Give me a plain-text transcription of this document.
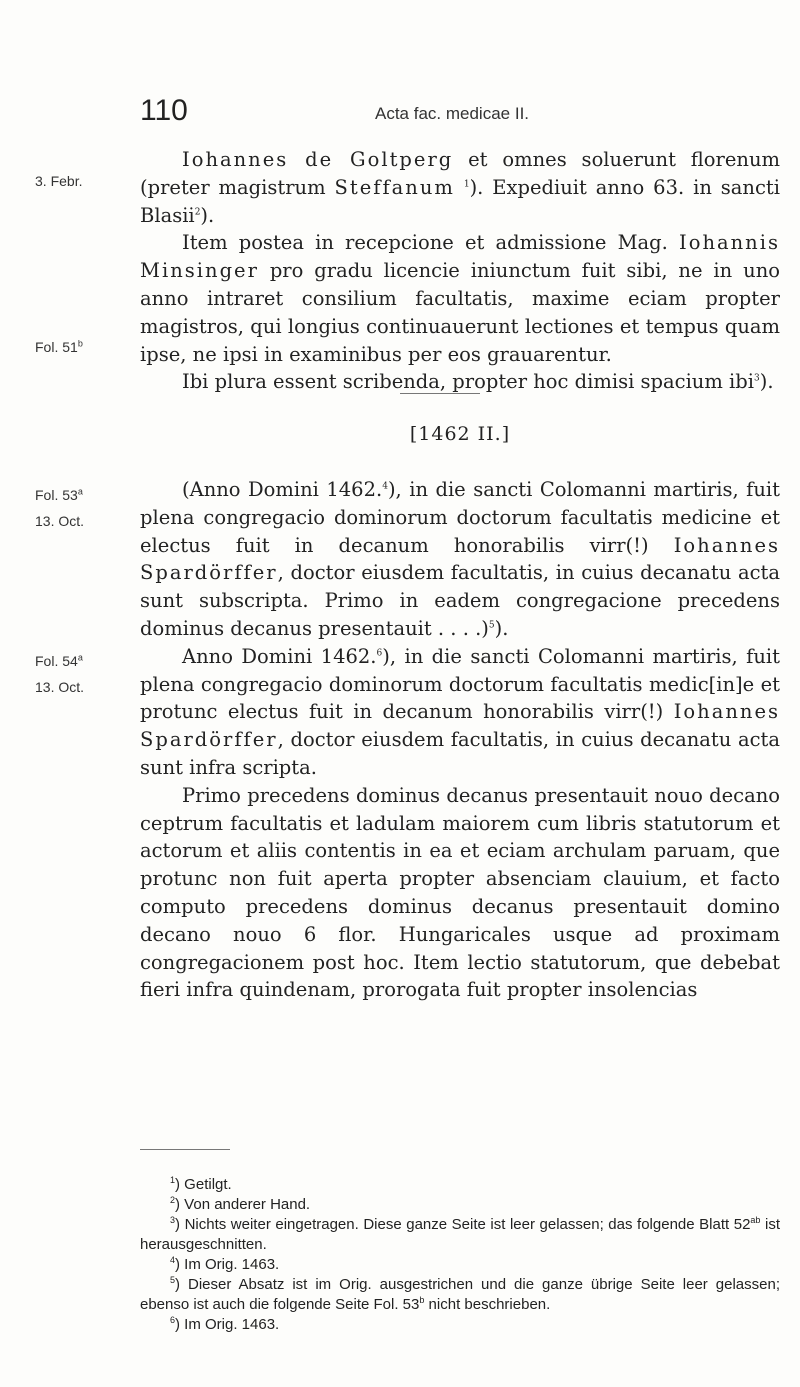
110	Acta fac. medicae II.
3. Febr.
Fol. 51$^b$
Fol. 53$^a$
13. Oct.
Fol. 54$^a$
13. Oct.

Iohannes de Goltperg et omnes soluerunt florenum (preter magistrum Steffanum $^1$). Expediuit anno 63. in sancti Blasii$^2$).

Item postea in recepcione et admissione Mag. Iohannis Minsinger pro gradu licencie iniunctum fuit sibi, ne in uno anno intraret consilium facultatis, maxime eciam propter magistros, qui longius continuauerunt lectiones et tempus quam ipse, ne ipsi in examinibus per eos grauarentur.

Ibi plura essent scribenda, propter hoc dimisi spacium ibi$^3$).

[1462 II.]

(Anno Domini 1462.$^4$), in die sancti Colomanni martiris, fuit plena congregacio dominorum doctorum facultatis medicine et electus fuit in decanum honorabilis virr(!) Iohannes Spardörffer, doctor eiusdem facultatis, in cuius decanatu acta sunt subscripta. Primo in eadem congregacione precedens dominus decanus presentauit . . . .)$^5$).

Anno Domini 1462.$^6$), in die sancti Colomanni martiris, fuit plena congregacio dominorum doctorum facultatis medic[in]e et protunc electus fuit in decanum honorabilis virr(!) Iohannes Spardörffer, doctor eiusdem facultatis, in cuius decanatu acta sunt infra scripta.

Primo precedens dominus decanus presentauit nouo decano ceptrum facultatis et ladulam maiorem cum libris statutorum et actorum et aliis contentis in ea et eciam archulam paruam, que protunc non fuit aperta propter absenciam clauium, et facto computo precedens dominus decanus presentauit domino decano nouo 6 flor. Hungaricales usque ad proximam congregacionem post hoc. Item lectio statutorum, que debebat fieri infra quindenam, prorogata fuit propter insolencias

$^1$) Getilgt.

$^2$) Von anderer Hand.

$^3$) Nichts weiter eingetragen. Diese ganze Seite ist leer gelassen; das folgende Blatt $52^{ab}$ ist herausgeschnitten.

$^4$) Im Orig. 1463.

$^5$) Dieser Absatz ist im Orig. ausgestrichen und die ganze übrige Seite leer gelassen; ebenso ist auch die folgende Seite Fol. 53$^b$ nicht beschrieben.

$^6$) Im Orig. 1463.
